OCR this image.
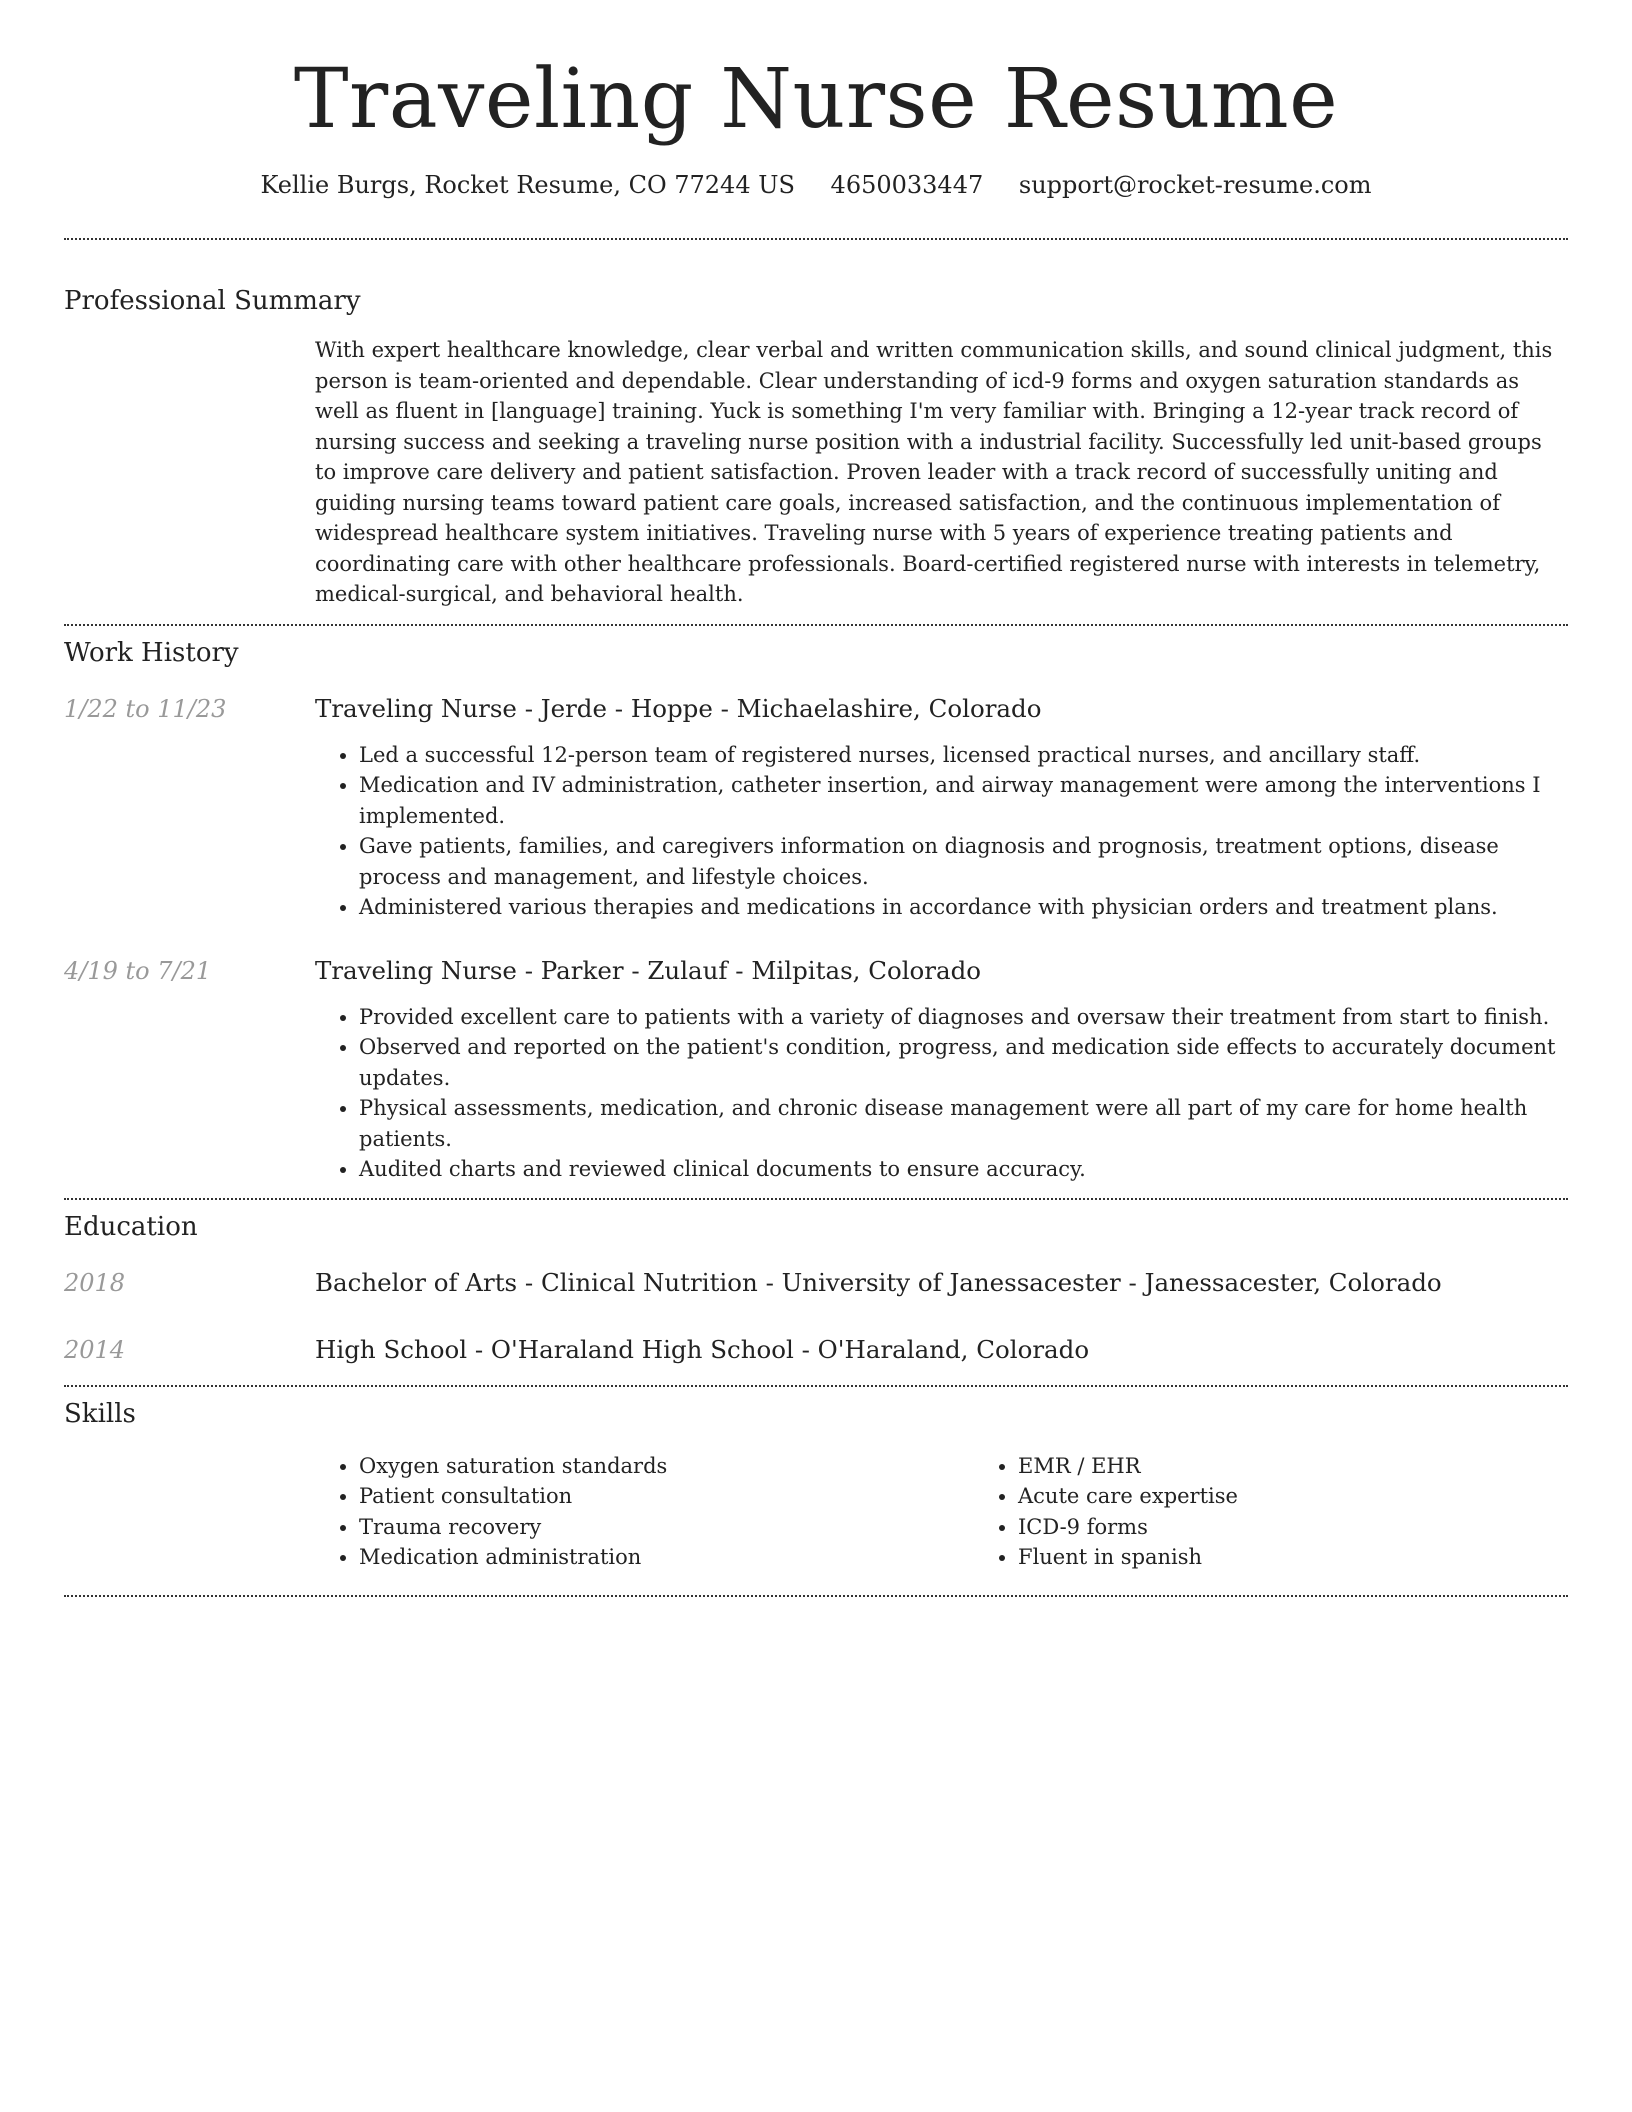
Traveling Nurse Resume
Kellie Burgs, Rocket Resume, CO 77244 US 4650033447 support@rocket-resume.com
Professional Summary

With expert healthcare knowledge, clear verbal and written communication skills, and sound clinical judgment, this person is team-oriented and dependable. Clear understanding of icd-9 forms and oxygen saturation standards as well as fluent in [language] training. Yuck is something I'm very familiar with. Bringing a 12-year track record of nursing success and seeking a traveling nurse position with a industrial facility. Successfully led unit-based groups to improve care delivery and patient satisfaction. Proven leader with a track record of successfully uniting and guiding nursing teams toward patient care goals, increased satisfaction, and the continuous implementation of widespread healthcare system initiatives. Traveling nurse with 5 years of experience treating patients and coordinating care with other healthcare professionals. Board-certified registered nurse with interests in telemetry, medical-surgical, and behavioral health.

Work History
1/22 to 11/23	Traveling Nurse - Jerde - Hoppe - Michaelashire, Colorado
• Led a successful 12-person team of registered nurses, licensed practical nurses, and ancillary staff.
• Medication and IV administration, catheter insertion, and airway management were among the interventions I implemented.
• Gave patients, families, and caregivers information on diagnosis and prognosis, treatment options, disease process and management, and lifestyle choices.
• Administered various therapies and medications in accordance with physician orders and treatment plans.
4/19 to 7/21	Traveling Nurse - Parker - Zulauf - Milpitas, Colorado
• Provided excellent care to patients with a variety of diagnoses and oversaw their treatment from start to finish.
• Observed and reported on the patient's condition, progress, and medication side effects to accurately document updates.
• Physical assessments, medication, and chronic disease management were all part of my care for home health patients.
• Audited charts and reviewed clinical documents to ensure accuracy.
Education
2018	Bachelor of Arts - Clinical Nutrition - University of Janessacester - Janessacester, Colorado
2014	High School - O'Haraland High School - O'Haraland, Colorado
Skills
• Oxygen saturation standards
• Patient consultation
• Trauma recovery
• Medication administration
• EMR / EHR
• Acute care expertise
• ICD-9 forms
• Fluent in spanish
